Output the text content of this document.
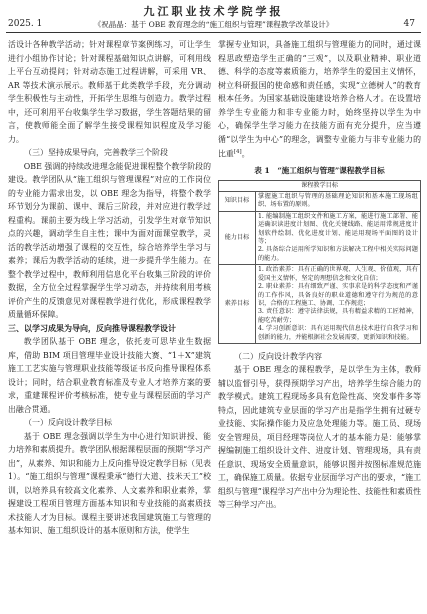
九江职业技术学院学报
2025. 1	《祝晶晶：基于 OBE 教育理念的“施工组织与管理”课程教学改革设计》	47

活设计各种教学活动；针对课程章节案例练习，可让学生进行小组协作讨论；针对课程基础知识点讲解，可利用线上平台互动提问；针对动态施工过程讲解，可采用 VR、AR 等技术演示展示。教师基于此类教学手段，充分调动学生积极性与主动性，开拓学生思维与创造力。教学过程中，还可利用平台收集学生学习数据，学生答题结果的留言，使教师能全面了解学生接受课程知识程度及学习能力。

（三）坚持成果导向，完善教学三个阶段

OBE 强调的持续改进理念能促进课程整个教学阶段的建设。教学团队从“施工组织与管理课程”对应的工作岗位的专业能力需求出发，以 OBE 理念为指导，将整个教学环节划分为课前、课中、课后三阶段，并对应进行教学过程重构。课前主要为线上学习活动，引发学生对章节知识点的兴趣，调动学生自主性；课中为面对面课堂教学，灵活的教学活动增强了课程的交互性，综合培养学生学习与素养；课后为教学活动的延续，进一步提升学生能力。在整个教学过程中，教师利用信息化平台收集三阶段的评价数据，全方位全过程掌握学生学习动态，并持续利用考核评价产生的反馈意见对课程教学进行优化，形成课程教学质量循环保障。

三、以学习成果为导向，反向推导课程教学设计

教学团队基于 OBE 理念，依托麦可思毕业生数据库，借助 BIM 项目管理毕业设计技能大赛、“1＋X”建筑施工工艺实施与管理职业技能等级证书反向推导课程体系设计；同时，结合职业教育标准及专业人才培养方案的要求，重建课程评价考核标准，使专业与课程层面的学习产出融合贯通。

（一）反向设计教学目标

基于 OBE 理念强调以学生为中心进行知识讲授、能力培养和素质提升。教学团队根据课程层面的预期“学习产出”，从素养、知识和能力上反向推导设定教学目标（见表 1）。“施工组织与管理”课程秉承“德行大道、技米天工”校训，以培养具有较高文化素养、人文素养和职业素养，掌握建设工程项目管理方面基本知识和专业技能的高素质技术技能人才为目标。课程主要讲述我国建筑施工与管理的基本知识、施工组织设计的基本原则和方法，使学生

掌握专业知识，具备施工组织与管理能力的同时，通过课程思政塑造学生正确的“三观”，以及职业精神、职业道德、科学的态度等素质能力，培养学生的爱国主义情怀，树立科研报国的使命感和责任感，实现“立德树人”的教育根本任务。为国家基础设施建设培养合格人才。在设置培养学生专业能力和非专业能力时，始终坚持以学生为中心，确保学生学习能力在技能方面有充分提升，应当遵循“以学生为中心”的理念，调整专业能力与非专业能力的比重[4]。

表 1　“施工组织与管理”课程教学目标
课程教学目标	
知识目标	掌握施工组织与管理的基础理论知识和基本施工现场组织、场布置的原则。

能力目标	1. 能编制施工组织文件和施工方案，能进行施工部署、能运确识读进度计划图、优化关键线路、能运用常规进度计划软件绘制、优化进度计划、能运用现场平面图的设计等；
2. 具备综合运用所学知识和方法解决工程中相关实际问题的能力。

素养目标	1. 政治素养：具有正确的世界观、人生观、价值观，具有爱国主义情怀，坚定的理想信念和文化自信；
2. 职业素养：具有细致严谨、实事求是的科学态度和严谨的工作作风，具备良好的职业道德和遵守行为规范的意识，合格的工程施工、协调、工作规范；
3. 责任意识：遵守法律法规，具有精益求精的工匠精神，能吃苦耐劳；
4. 学习创新意识：具有运用现代信息技术进行自我学习和创新的能力，并能根据社会发展需要，更新知识和技能。
（二）反向设计教学内容

基于 OBE 理念的课程教学，是以学生为主体，教师辅以监督引导，获得预期学习产出，培养学生综合能力的教学模式。建筑工程现场多具有危险性高、突发事件多等特点，因此建筑专业层面的学习产出是指学生拥有过硬专业技能、实际操作能力及应急处理能力等。施工员、现场安全管理员，项目经理等岗位人才的基本能力是：能够掌握编制施工组织设计文件、进度计划、管理现场，具有责任意识、现场安全质量意识，能够识图并按图标准规范施工，确保施工质量。依据专业层面学习产出的要求，“施工组织与管理”课程学习产出中分为理论性、技能性和素质性等三种学习产出。
